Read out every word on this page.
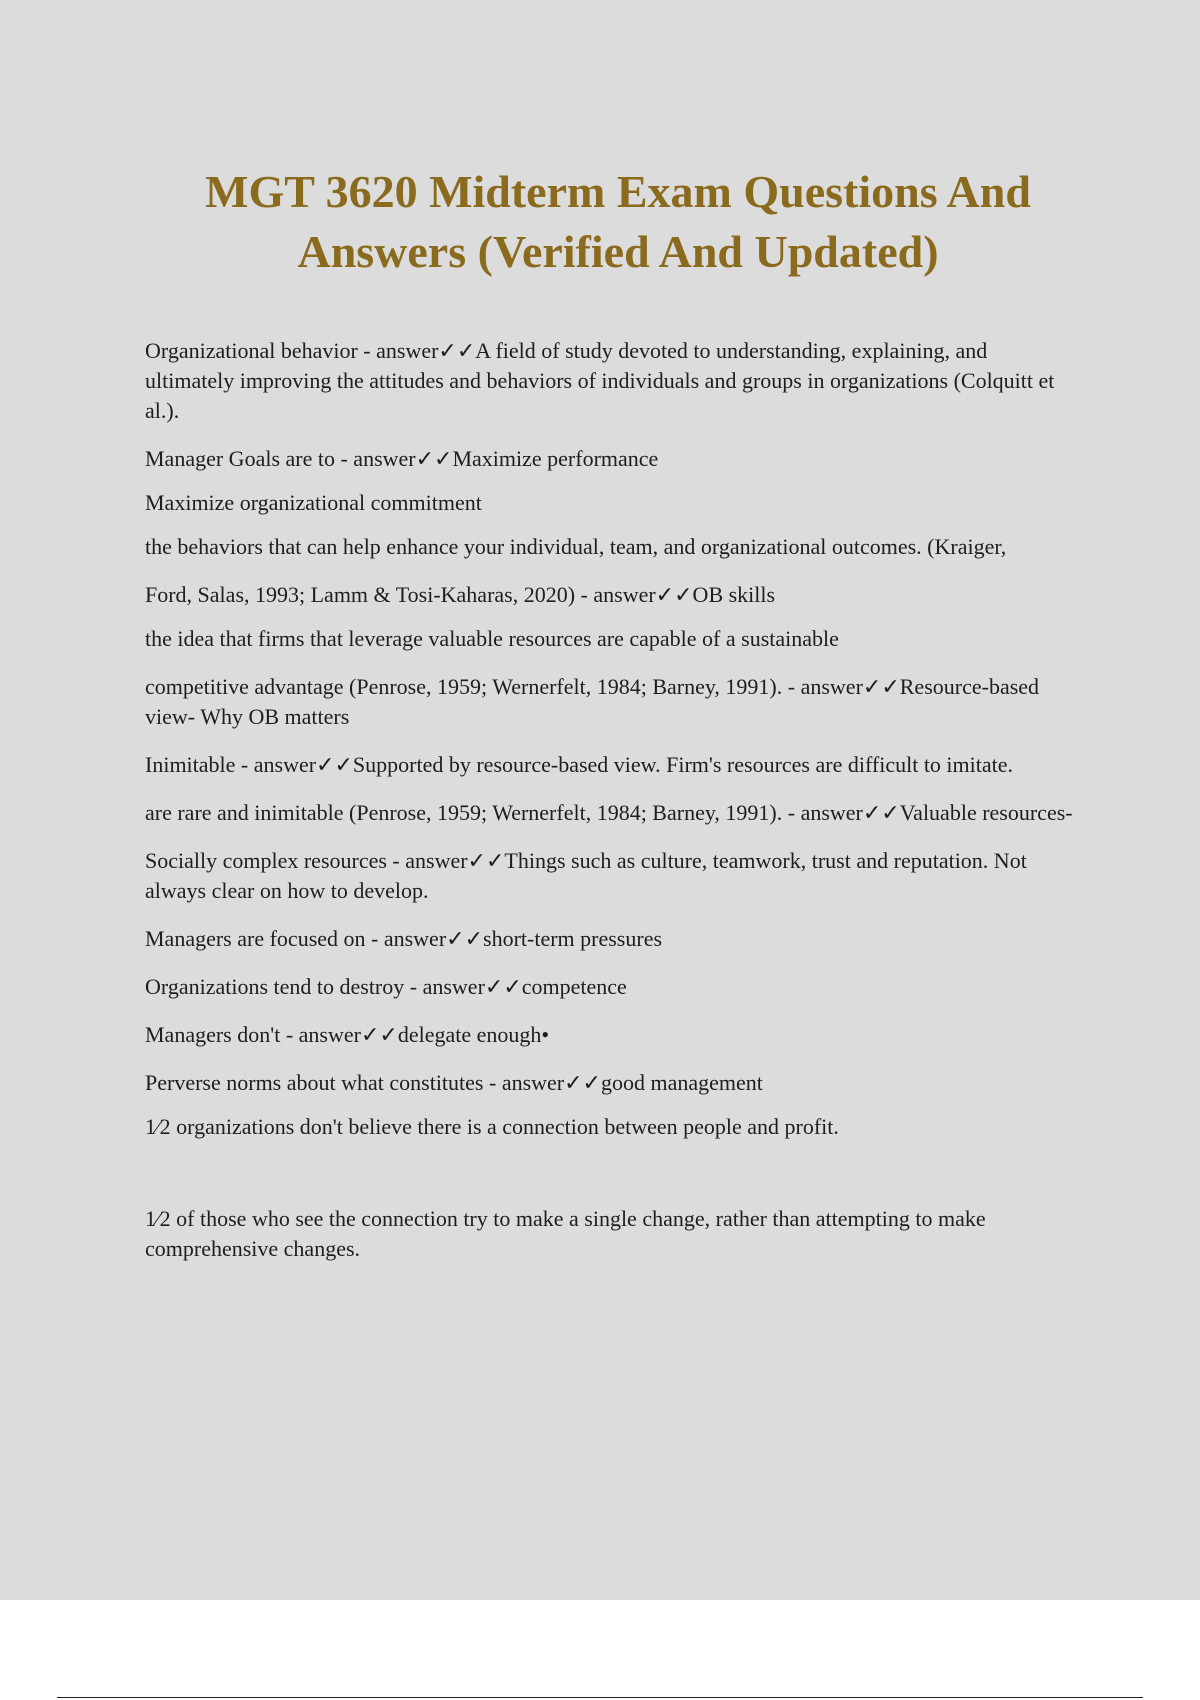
MGT 3620 Midterm Exam Questions And Answers (Verified And Updated)

Organizational behavior - answer✓✓A field of study devoted to understanding, explaining, and ultimately improving the attitudes and behaviors of individuals and groups in organizations (Colquitt et al.).

Manager Goals are to - answer✓✓Maximize performance

Maximize organizational commitment

the behaviors that can help enhance your individual, team, and organizational outcomes. (Kraiger,

Ford, Salas, 1993; Lamm & Tosi-Kaharas, 2020) - answer✓✓OB skills

the idea that firms that leverage valuable resources are capable of a sustainable

competitive advantage (Penrose, 1959; Wernerfelt, 1984; Barney, 1991). - answer✓✓Resource-based view- Why OB matters

Inimitable - answer✓✓Supported by resource-based view. Firm's resources are difficult to imitate.

are rare and inimitable (Penrose, 1959; Wernerfelt, 1984; Barney, 1991). - answer✓✓Valuable resources-

Socially complex resources - answer✓✓Things such as culture, teamwork, trust and reputation. Not always clear on how to develop.

Managers are focused on - answer✓✓short-term pressures

Organizations tend to destroy - answer✓✓competence

Managers don't - answer✓✓delegate enough•

Perverse norms about what constitutes - answer✓✓good management

1⁄2 organizations don't believe there is a connection between people and profit.

1⁄2 of those who see the connection try to make a single change, rather than attempting to make comprehensive changes.
